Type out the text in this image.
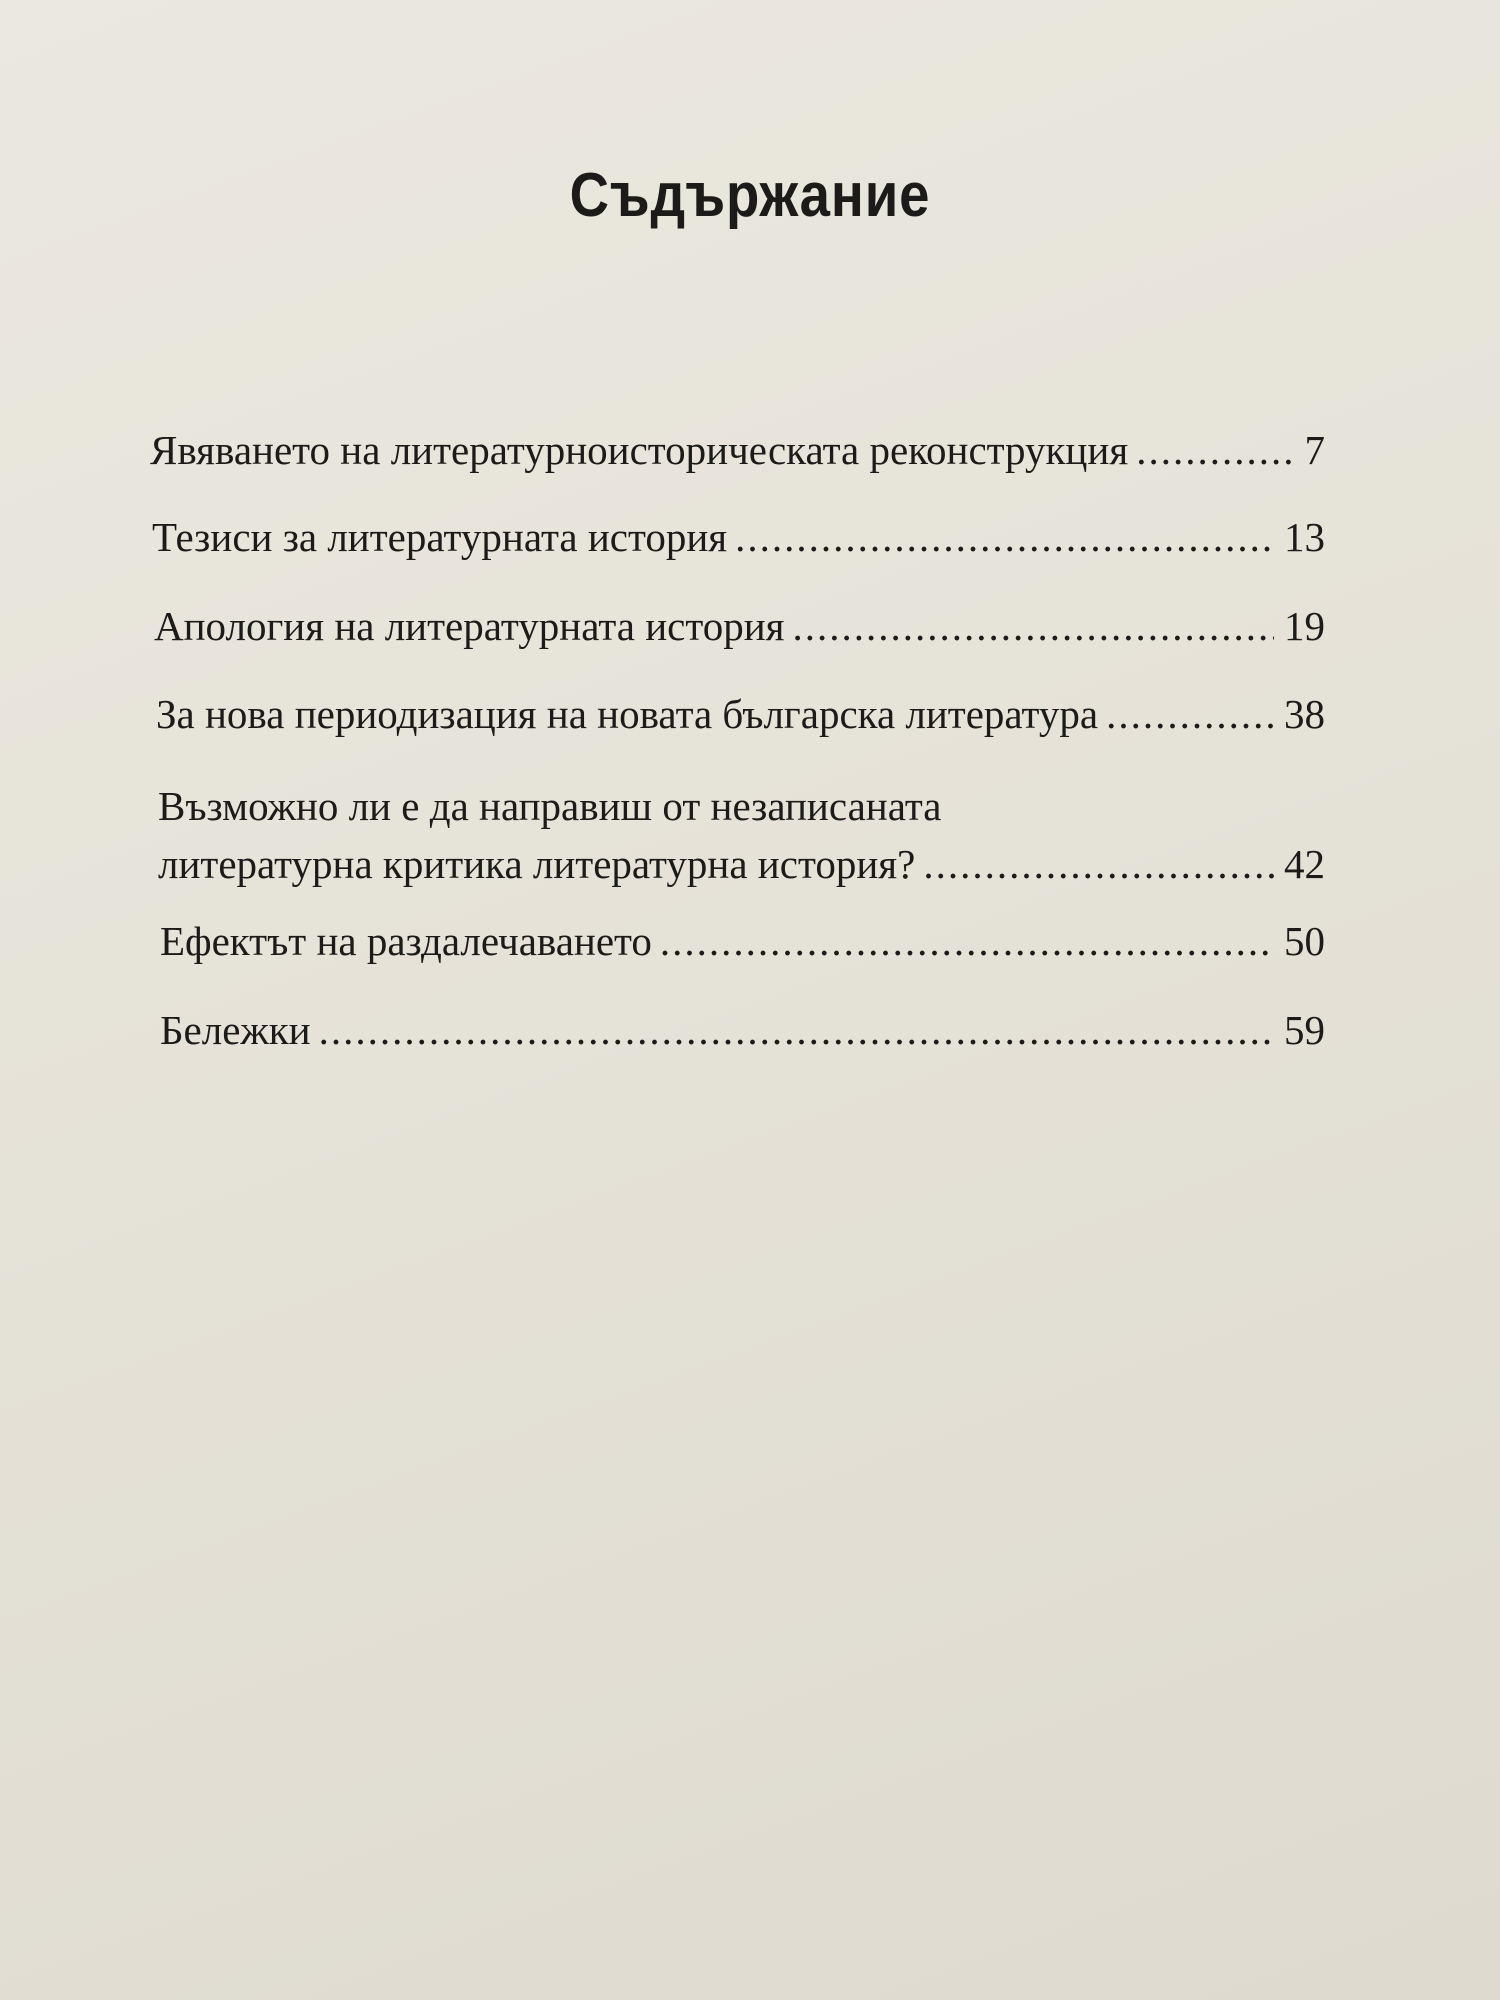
Съдържание
Явяването на литературноисторическата реконструкция .....	7
Тезиси за литературната история .....	13
Апология на литературната история .....	19
За нова периодизация на новата българска литература .....	38
Възможно ли е да направиш от незаписаната
литературна критика литературна история? .....	42
Ефектът на раздалечаването .....	50
Бележки .....	59
